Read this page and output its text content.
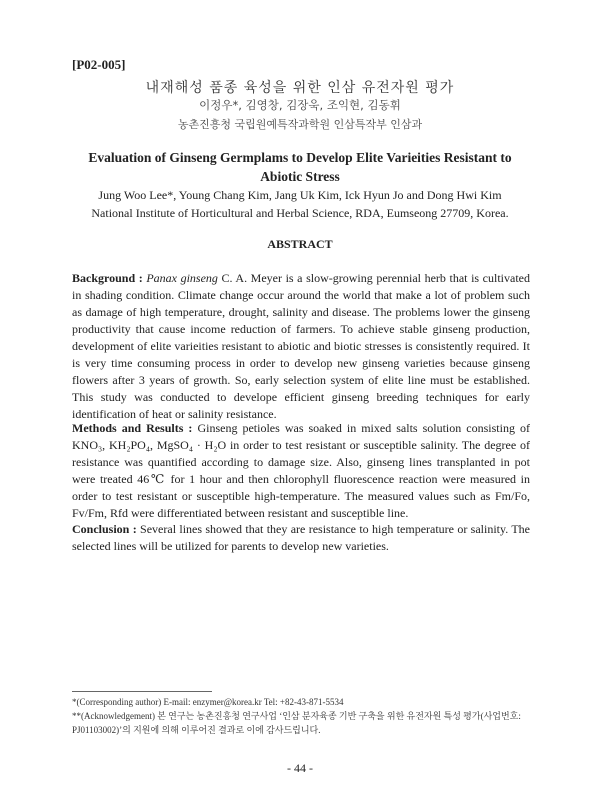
[P02-005]
내재해성 품종 육성을 위한 인삼 유전자원 평가
이정우*, 김영창, 김장욱, 조익현, 김동휘
농촌진흥청 국립원예특작과학원 인삼특작부 인삼과
Evaluation of Ginseng Germplams to Develop Elite Varieities Resistant to
Abiotic Stress
Jung Woo Lee*, Young Chang Kim, Jang Uk Kim, Ick Hyun Jo and Dong Hwi Kim
National Institute of Horticultural and Herbal Science, RDA, Eumseong 27709, Korea.
ABSTRACT
Background : Panax ginseng C. A. Meyer is a slow-growing perennial herb that is cultivated in shading condition. Climate change occur around the world that make a lot of problem such as damage of high temperature, drought, salinity and disease. The problems lower the ginseng productivity that cause income reduction of farmers. To achieve stable ginseng production, development of elite varieities resistant to abiotic and biotic stresses is consistently required. It is very time consuming process in order to develop new ginseng varieties because ginseng flowers after 3 years of growth. So, early selection system of elite line must be established. This study was conducted to develope efficient ginseng breeding techniques for early identification of heat or salinity resistance.
Methods and Results : Ginseng petioles was soaked in mixed salts solution consisting of KNO₃, KH₂PO₄, MgSO₄ · H₂O in order to test resistant or susceptible salinity. The degree of resistance was quantified according to damage size. Also, ginseng lines transplanted in pot were treated 46℃ for 1 hour and then chlorophyll fluorescence reaction were measured in order to test resistant or susceptible high-temperature. The measured values such as Fm/Fo, Fv/Fm, Rfd were differentiated between resistant and susceptible line.
Conclusion : Several lines showed that they are resistance to high temperature or salinity. The selected lines will be utilized for parents to develop new varieties.
*(Corresponding author) E-mail: enzymer@korea.kr Tel: +82-43-871-5534
**(Acknowledgement) 본 연구는 농촌진흥청 연구사업 ‘인삼 분자육종 기반 구축을 위한 유전자원 특성 평가(사업번호: PJ01103002)’의 지원에 의해 이루어진 결과로 이에 감사드립니다.
- 44 -
